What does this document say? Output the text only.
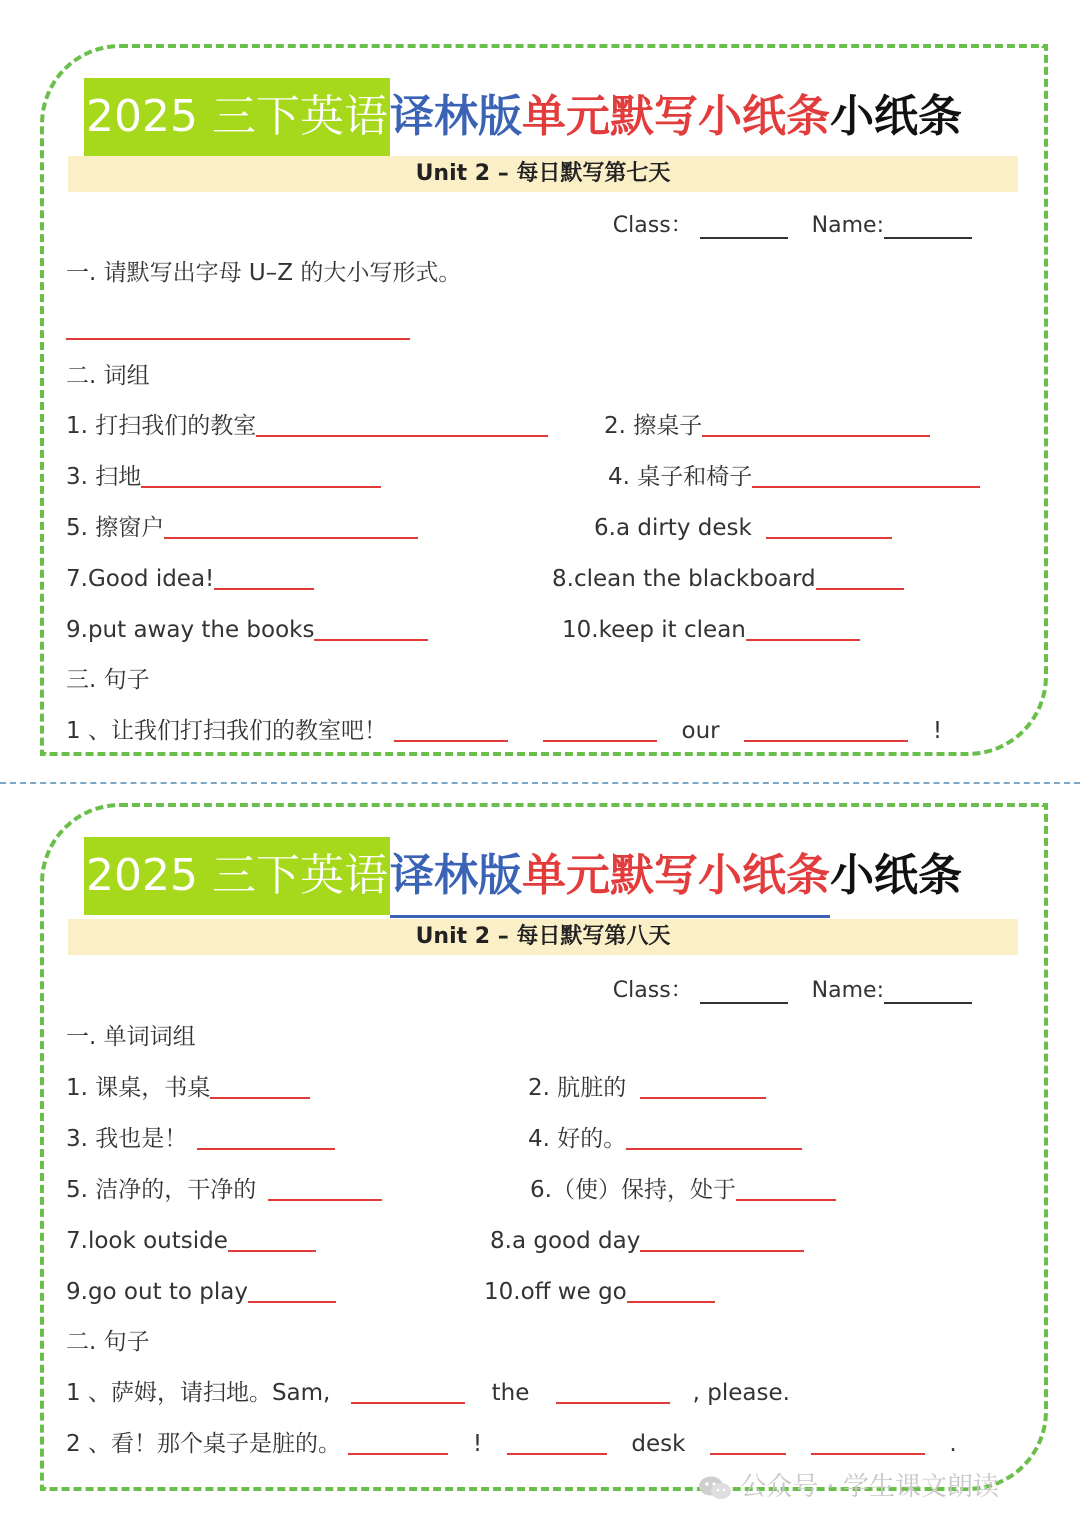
2025 三下英语译林版单元默写小纸条小纸条
Unit 2 – 每日默写第七天
Class：	Name:
一. 请默写出字母 U–Z 的大小写形式。
二. 词组
1. 打扫我们的教室	2. 擦桌子
3. 扫地	4. 桌子和椅子
5. 擦窗户	6.a dirty desk
7.Good idea!	8.clean the blackboard
9.put away the books	10.keep it clean
三. 句子
1 、让我们打扫我们的教室吧！	our	!
2025 三下英语译林版单元默写小纸条小纸条
Unit 2 – 每日默写第八天
Class：	Name:
一. 单词词组
1. 课桌，书桌	2. 肮脏的
3. 我也是！	4. 好的。
5. 洁净的，干净的	6.（使）保持，处于
7.look outside	8.a good day
9.go out to play	10.off we go
二. 句子
1 、萨姆，请扫地。Sam,	the	, please.
2 、看！那个桌子是脏的。	!	desk	.
公众号 · 学生课文朗读
